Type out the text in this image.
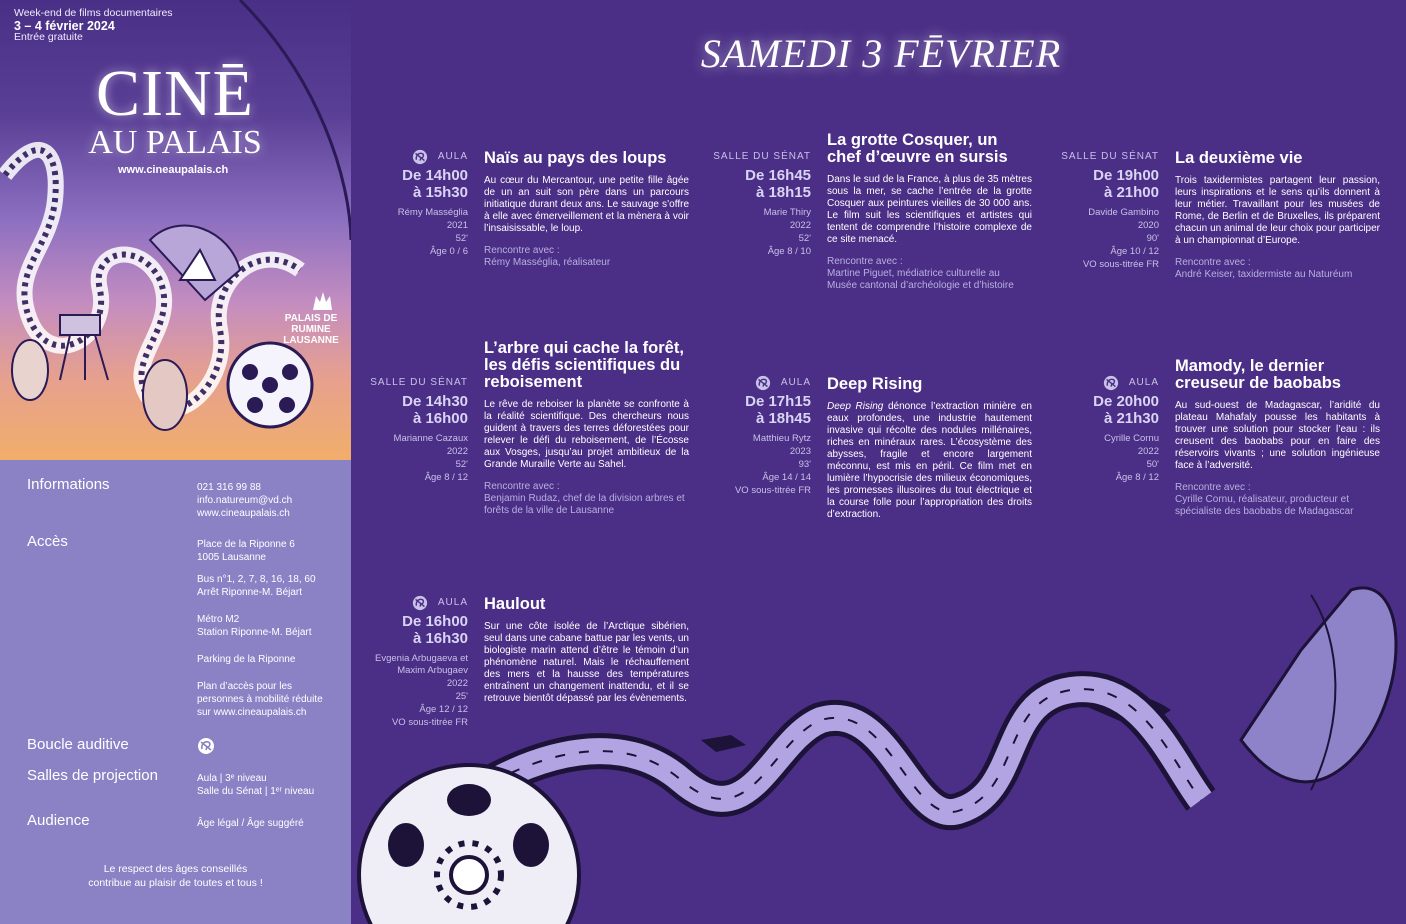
Week-end de films documentaires
3 – 4 février 2024
Entrée gratuite
CINĒ
AU PALAIS
www.cineaupalais.ch
PALAIS DE RUMINE LAUSANNE
Informations	021 316 99 88
info.natureum@vd.ch
www.cineaupalais.ch
Accès	Place de la Riponne 6
1005 Lausanne
Bus n°1, 2, 7, 8, 16, 18, 60
Arrêt Riponne-M. Béjart
Métro M2
Station Riponne-M. Béjart
Parking de la Riponne
Plan d’accès pour les
personnes à mobilité réduite
sur www.cineaupalais.ch
Boucle auditive
Salles de projection	Aula | 3ᵉ niveau
Salle du Sénat | 1ᵉʳ niveau
Audience	Âge légal / Âge suggéré
Le respect des âges conseillés
contribue au plaisir de toutes et tous !
SAMEDI 3 FĒVRIER
AULA
De 14h00
à 15h30
Rémy Masséglia
2021
52'
Âge 0 / 6
Naïs au pays des loups
Au cœur du Mercantour, une petite fille âgée de un an suit son père dans un parcours initiatique durant deux ans. Le sauvage s’offre à elle avec émerveillement et la mènera à voir l’insaisissable, le loup.
Rencontre avec :
Rémy Masséglia, réalisateur
SALLE DU SÉNAT
De 16h45
à 18h15
Marie Thiry
2022
52'
Âge 8 / 10
La grotte Cosquer, un chef d’œuvre en sursis
Dans le sud de la France, à plus de 35 mètres sous la mer, se cache l’entrée de la grotte Cosquer aux peintures vieilles de 30 000 ans. Le film suit les scientifiques et artistes qui tentent de comprendre l’histoire complexe de ce site menacé.
Rencontre avec :
Martine Piguet, médiatrice culturelle au Musée cantonal d’archéologie et d’histoire
SALLE DU SÉNAT
De 19h00
à 21h00
Davide Gambino
2020
90'
Âge 10 / 12
VO sous-titrée FR
La deuxième vie
Trois taxidermistes partagent leur passion, leurs inspirations et le sens qu’ils donnent à leur métier. Travaillant pour les musées de Rome, de Berlin et de Bruxelles, ils préparent chacun un animal de leur choix pour participer à un championnat d’Europe.
Rencontre avec :
André Keiser, taxidermiste au Naturéum
SALLE DU SÉNAT
De 14h30
à 16h00
Marianne Cazaux
2022
52'
Âge 8 / 12
L’arbre qui cache la forêt, les défis scientifiques du reboisement
Le rêve de reboiser la planète se confronte à la réalité scientifique. Des chercheurs nous guident à travers des terres déforestées pour relever le défi du reboisement, de l’Écosse aux Vosges, jusqu’au projet ambitieux de la Grande Muraille Verte au Sahel.
Rencontre avec :
Benjamin Rudaz, chef de la division arbres et forêts de la ville de Lausanne
AULA
De 17h15
à 18h45
Matthieu Rytz
2023
93'
Âge 14 / 14
VO sous-titrée FR
Deep Rising
Deep Rising dénonce l’extraction minière en eaux profondes, une industrie hautement invasive qui récolte des nodules millénaires, riches en minéraux rares. L’écosystème des abysses, fragile et encore largement méconnu, est mis en péril. Ce film met en lumière l’hypocrisie des milieux économiques, les promesses illusoires du tout électrique et la course folle pour l’appropriation des droits d’extraction.
AULA
De 20h00
à 21h30
Cyrille Cornu
2022
50'
Âge 8 / 12
Mamody, le dernier creuseur de baobabs
Au sud-ouest de Madagascar, l’aridité du plateau Mahafaly pousse les habitants à trouver une solution pour stocker l’eau : ils creusent des baobabs pour en faire des réservoirs vivants ; une solution ingénieuse face à l’adversité.
Rencontre avec :
Cyrille Cornu, réalisateur, producteur et spécialiste des baobabs de Madagascar
AULA
De 16h00
à 16h30
Evgenia Arbugaeva et Maxim Arbugaev
2022
25'
Âge 12 / 12
VO sous-titrée FR
Haulout
Sur une côte isolée de l’Arctique sibérien, seul dans une cabane battue par les vents, un biologiste marin attend d’être le témoin d’un phénomène naturel. Mais le réchauffement des mers et la hausse des températures entraînent un changement inattendu, et il se retrouve bientôt dépassé par les évènements.
